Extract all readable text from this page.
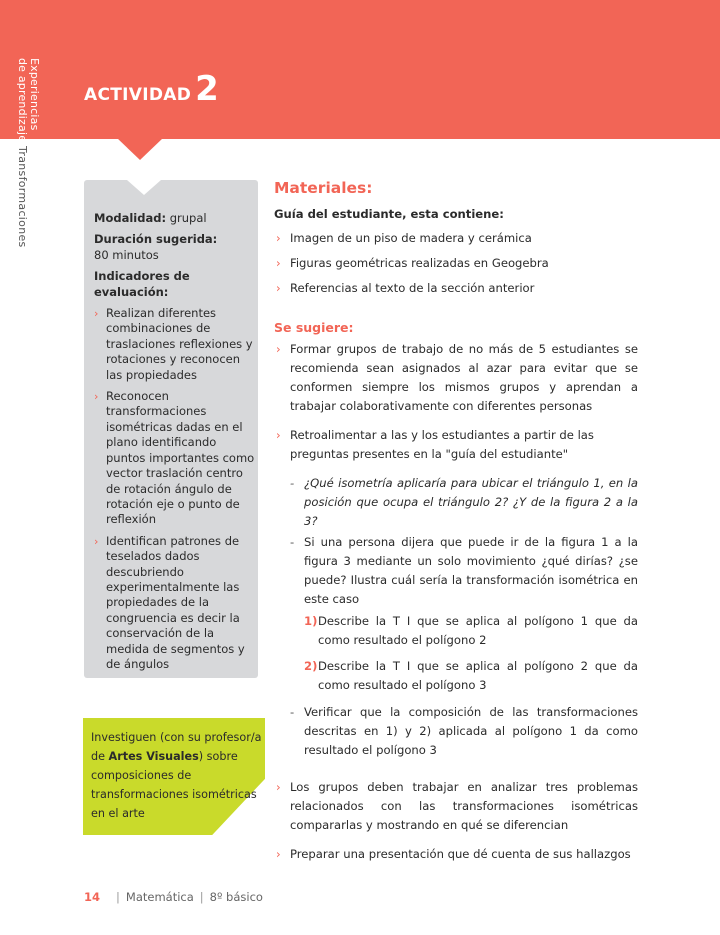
Experiencias
de aprendizaje
Transformaciones
ACTIVIDAD 2
Modalidad: grupal
Duración sugerida:
80 minutos
Indicadores de evaluación:
› Realizan diferentes combinaciones de traslaciones reflexiones y rotaciones y reconocen las propiedades
› Reconocen transformaciones isométricas dadas en el plano identificando puntos importantes como vector traslación centro de rotación ángulo de rotación eje o punto de reflexión
› Identifican patrones de teselados dados descubriendo experimentalmente las propiedades de la congruencia es decir la conservación de la medida de segmentos y de ángulos
Investiguen (con su profesor/a de Artes Visuales) sobre composiciones de transformaciones isométricas en el arte
Materiales:
Guía del estudiante, esta contiene:
› Imagen de un piso de madera y cerámica
› Figuras geométricas realizadas en Geogebra
› Referencias al texto de la sección anterior
Se sugiere:
› Formar grupos de trabajo de no más de 5 estudiantes se recomienda sean asignados al azar para evitar que se conformen siempre los mismos grupos y aprendan a trabajar colaborativamente con diferentes personas
› Retroalimentar a las y los estudiantes a partir de las preguntas presentes en la "guía del estudiante"
- ¿Qué isometría aplicaría para ubicar el triángulo 1, en la posición que ocupa el triángulo 2? ¿Y de la figura 2 a la 3?
- Si una persona dijera que puede ir de la figura 1 a la figura 3 mediante un solo movimiento ¿qué dirías? ¿se puede? Ilustra cuál sería la transformación isométrica en este caso
1) Describe la T I que se aplica al polígono 1 que da como resultado el polígono 2
2) Describe la T I que se aplica al polígono 2 que da como resultado el polígono 3
- Verificar que la composición de las transformaciones descritas en 1) y 2) aplicada al polígono 1 da como resultado el polígono 3
› Los grupos deben trabajar en analizar tres problemas relacionados con las transformaciones isométricas compararlas y mostrando en qué se diferencian
› Preparar una presentación que dé cuenta de sus hallazgos
14 | Matemática | 8º básico
